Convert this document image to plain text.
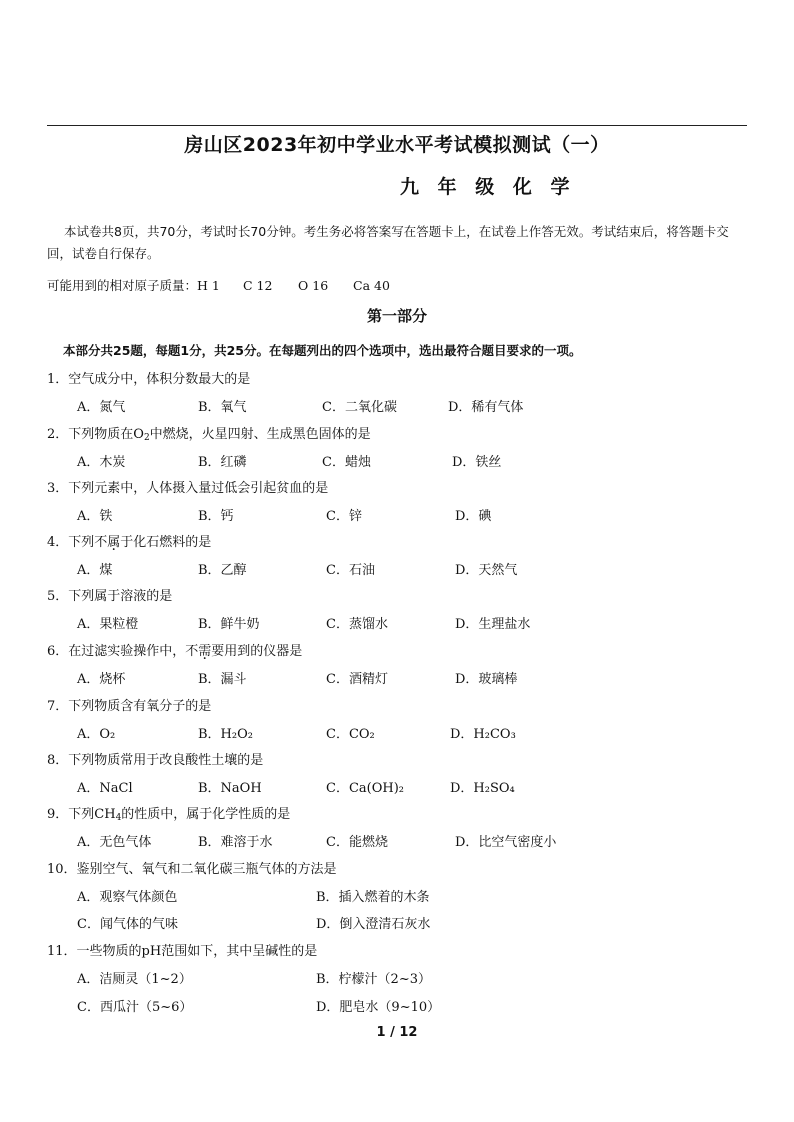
房山区2023年初中学业水平考试模拟测试（一）
九 年 级 化 学
本试卷共8页，共70分，考试时长70分钟。考生务必将答案写在答题卡上，在试卷上作答无效。考试结束后，将答题卡交回，试卷自行保存。
可能用到的相对原子质量：H 1 C 12 O 16 Ca 40
第一部分
本部分共25题，每题1分，共25分。在每题列出的四个选项中，选出最符合题目要求的一项。
1．空气成分中，体积分数最大的是
A．氮气	B．氧气	C．二氧化碳	D．稀有气体
2．下列物质在$O_2$中燃烧，火星四射、生成黑色固体的是
A．木炭	B．红磷	C．蜡烛	D．铁丝
3．下列元素中，人体摄入量过低会引起贫血的是
A．铁	B．钙	C．锌	D．碘
4．下列不属于化石燃料的是
A．煤	B．乙醇	C．石油	D．天然气
5．下列属于溶液的是
A．果粒橙	B．鲜牛奶	C．蒸馏水	D．生理盐水
6．在过滤实验操作中，不需要用到的仪器是
A．烧杯	B．漏斗	C．酒精灯	D．玻璃棒
7．下列物质含有氧分子的是
A．O₂	B．H₂O₂	C．CO₂	D．H₂CO₃
8．下列物质常用于改良酸性土壤的是
A．NaCl	B．NaOH	C．Ca(OH)₂	D．H₂SO₄
9．下列$CH_4$的性质中，属于化学性质的是
A．无色气体	B．难溶于水	C．能燃烧	D．比空气密度小
10．鉴别空气、氧气和二氧化碳三瓶气体的方法是
A．观察气体颜色	B．插入燃着的木条
C．闻气体的气味	D．倒入澄清石灰水
11．一些物质的pH范围如下，其中呈碱性的是
A．洁厕灵（1~2）	B．柠檬汁（2~3）
C．西瓜汁（5~6）	D．肥皂水（9~10）
1 / 12
